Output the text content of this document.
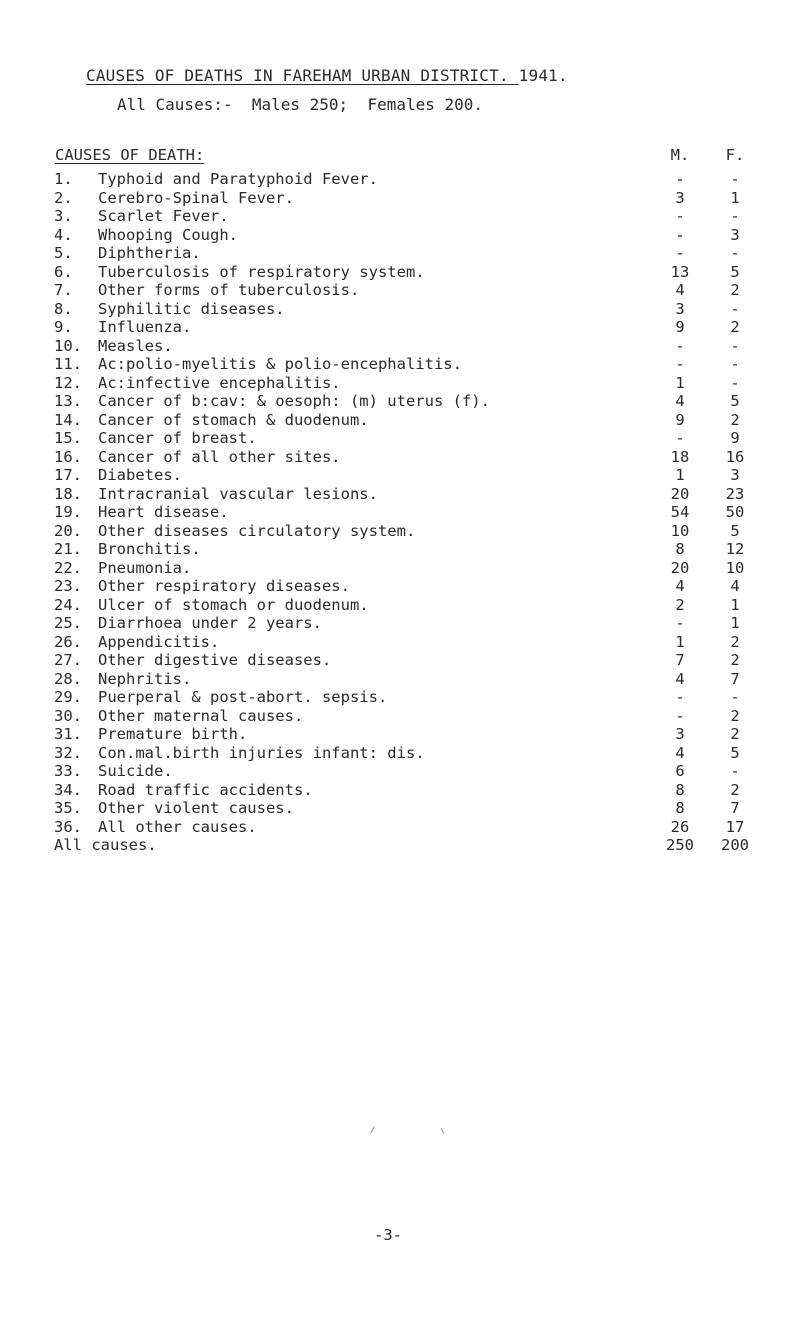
CAUSES OF DEATHS IN FAREHAM URBAN DISTRICT. 1941.
All Causes:- Males 250; Females 200.
CAUSES OF DEATH:	M.	F.
1. Typhoid and Paratyphoid Fever.	-	-
2. Cerebro-Spinal Fever.	3	1
3. Scarlet Fever.	-	-
4. Whooping Cough.	-	3
5. Diphtheria.	-	-
6. Tuberculosis of respiratory system.	13	5
7. Other forms of tuberculosis.	4	2
8. Syphilitic diseases.	3	-
9. Influenza.	9	2
10. Measles.	-	-
11. Ac:polio-myelitis & polio-encephalitis.	-	-
12. Ac:infective encephalitis.	1	-
13. Cancer of b:cav: & oesoph: (m) uterus (f).	4	5
14. Cancer of stomach & duodenum.	9	2
15. Cancer of breast.	-	9
16. Cancer of all other sites.	18	16
17. Diabetes.	1	3
18. Intracranial vascular lesions.	20	23
19. Heart disease.	54	50
20. Other diseases circulatory system.	10	5
21. Bronchitis.	8	12
22. Pneumonia.	20	10
23. Other respiratory diseases.	4	4
24. Ulcer of stomach or duodenum.	2	1
25. Diarrhoea under 2 years.	-	1
26. Appendicitis.	1	2
27. Other digestive diseases.	7	2
28. Nephritis.	4	7
29. Puerperal & post-abort. sepsis.	-	-
30. Other maternal causes.	-	2
31. Premature birth.	3	2
32. Con.mal.birth injuries infant: dis.	4	5
33. Suicide.	6	-
34. Road traffic accidents.	8	2
35. Other violent causes.	8	7
36. All other causes.	26	17
All causes.	250	200
-3-
